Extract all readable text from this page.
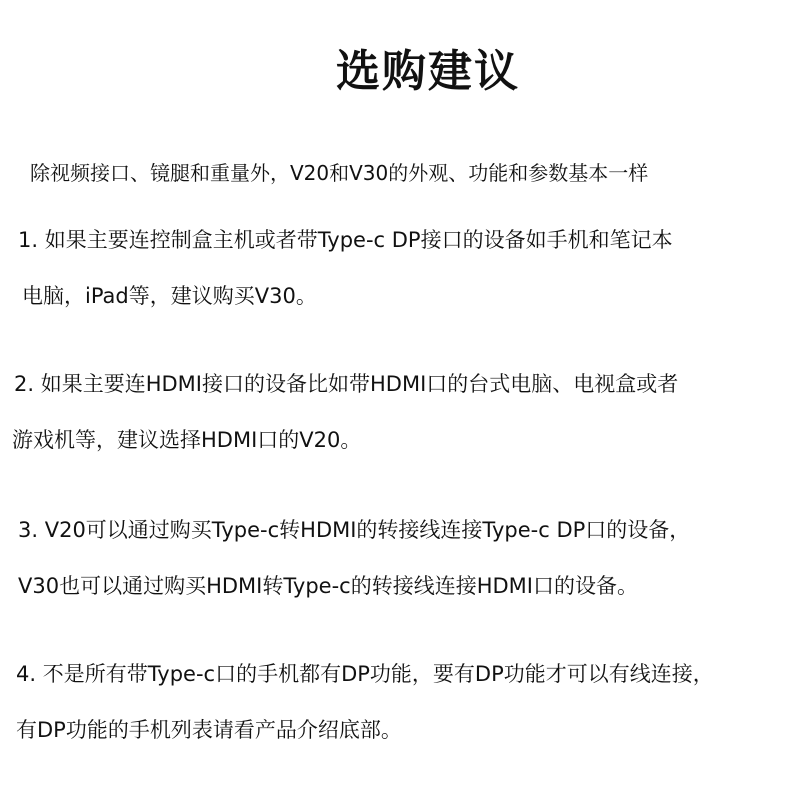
选购建议
除视频接口、镜腿和重量外，V20和V30的外观、功能和参数基本一样
1. 如果主要连控制盒主机或者带Type-c DP接口的设备如手机和笔记本
电脑，iPad等，建议购买V30。
2. 如果主要连HDMI接口的设备比如带HDMI口的台式电脑、电视盒或者
游戏机等，建议选择HDMI口的V20。
3. V20可以通过购买Type-c转HDMI的转接线连接Type-c DP口的设备，
V30也可以通过购买HDMI转Type-c的转接线连接HDMI口的设备。
4. 不是所有带Type-c口的手机都有DP功能，要有DP功能才可以有线连接，
有DP功能的手机列表请看产品介绍底部。
